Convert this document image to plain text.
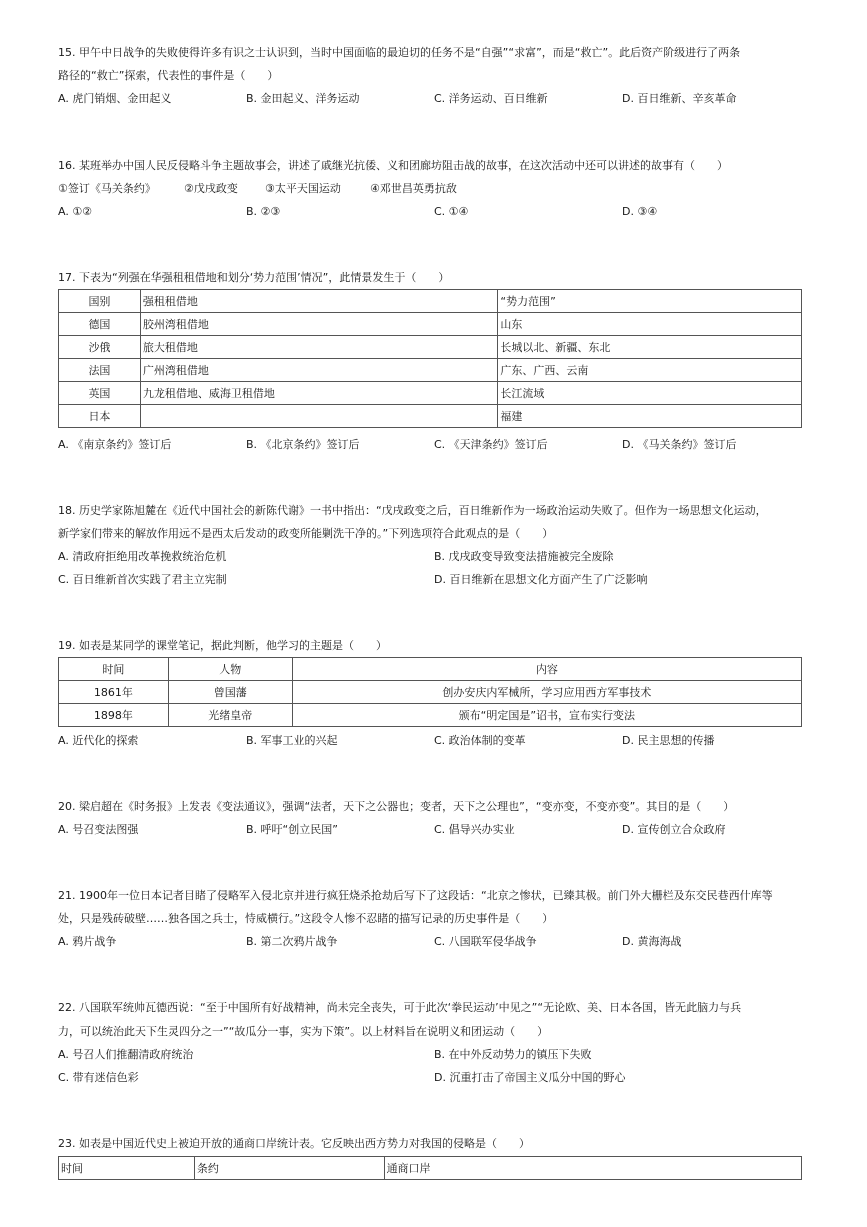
15. 甲午中日战争的失败使得许多有识之士认识到，当时中国面临的最迫切的任务不是“自强”“求富”，而是“救亡”。此后资产阶级进行了两条
路径的“救亡”探索，代表性的事件是（　　）
A. 虎门销烟、金田起义	B. 金田起义、洋务运动	C. 洋务运动、百日维新	D. 百日维新、辛亥革命
16. 某班举办中国人民反侵略斗争主题故事会，讲述了戚继光抗倭、义和团廊坊阻击战的故事，在这次活动中还可以讲述的故事有（　　）
①签订《马关条约》	②戊戌政变 ③太平天国运动	④邓世昌英勇抗敌
A. ①②	B. ②③	C. ①④	D. ③④
17. 下表为“列强在华强租租借地和划分‘势力范围’情况”，此情景发生于（　　）
国别	强租租借地	“势力范围”
德国	胶州湾租借地	山东
沙俄	旅大租借地	长城以北、新疆、东北
法国	广州湾租借地	广东、广西、云南
英国	九龙租借地、威海卫租借地	长江流域
日本		福建
A. 《南京条约》签订后	B. 《北京条约》签订后	C. 《天津条约》签订后	D. 《马关条约》签订后
18. 历史学家陈旭麓在《近代中国社会的新陈代谢》一书中指出：“戊戌政变之后，百日维新作为一场政治运动失败了。但作为一场思想文化运动，
新学家们带来的解放作用远不是西太后发动的政变所能剿洗干净的。”下列选项符合此观点的是（　　）
A. 清政府拒绝用改革挽救统治危机	B. 戊戌政变导致变法措施被完全废除
C. 百日维新首次实践了君主立宪制	D. 百日维新在思想文化方面产生了广泛影响
19. 如表是某同学的课堂笔记，据此判断，他学习的主题是（　　）
时间	人物	内容
1861年	曾国藩	创办安庆内军械所，学习应用西方军事技术
1898年	光绪皇帝	颁布“明定国是”诏书，宣布实行变法
A. 近代化的探索	B. 军事工业的兴起	C. 政治体制的变革	D. 民主思想的传播
20. 梁启超在《时务报》上发表《变法通议》，强调“法者，天下之公器也；变者，天下之公理也”，“变亦变，不变亦变”。其目的是（　　）
A. 号召变法图强	B. 呼吁“创立民国”	C. 倡导兴办实业	D. 宣传创立合众政府
21. 1900年一位日本记者目睹了侵略军入侵北京并进行疯狂烧杀抢劫后写下了这段话：“北京之惨状，已臻其极。前门外大栅栏及东交民巷西什库等
处，只是残砖破壁……独各国之兵士，恃威横行。”这段令人惨不忍睹的描写记录的历史事件是（　　）
A. 鸦片战争	B. 第二次鸦片战争	C. 八国联军侵华战争	D. 黄海海战
22. 八国联军统帅瓦德西说：“至于中国所有好战精神，尚未完全丧失，可于此次‘拳民运动’中见之”“无论欧、美、日本各国，皆无此脑力与兵
力，可以统治此天下生灵四分之一”“故瓜分一事，实为下策”。以上材料旨在说明义和团运动（　　）
A. 号召人们推翻清政府统治	B. 在中外反动势力的镇压下失败
C. 带有迷信色彩	D. 沉重打击了帝国主义瓜分中国的野心
23. 如表是中国近代史上被迫开放的通商口岸统计表。它反映出西方势力对我国的侵略是（　　）
时间	条约	通商口岸
